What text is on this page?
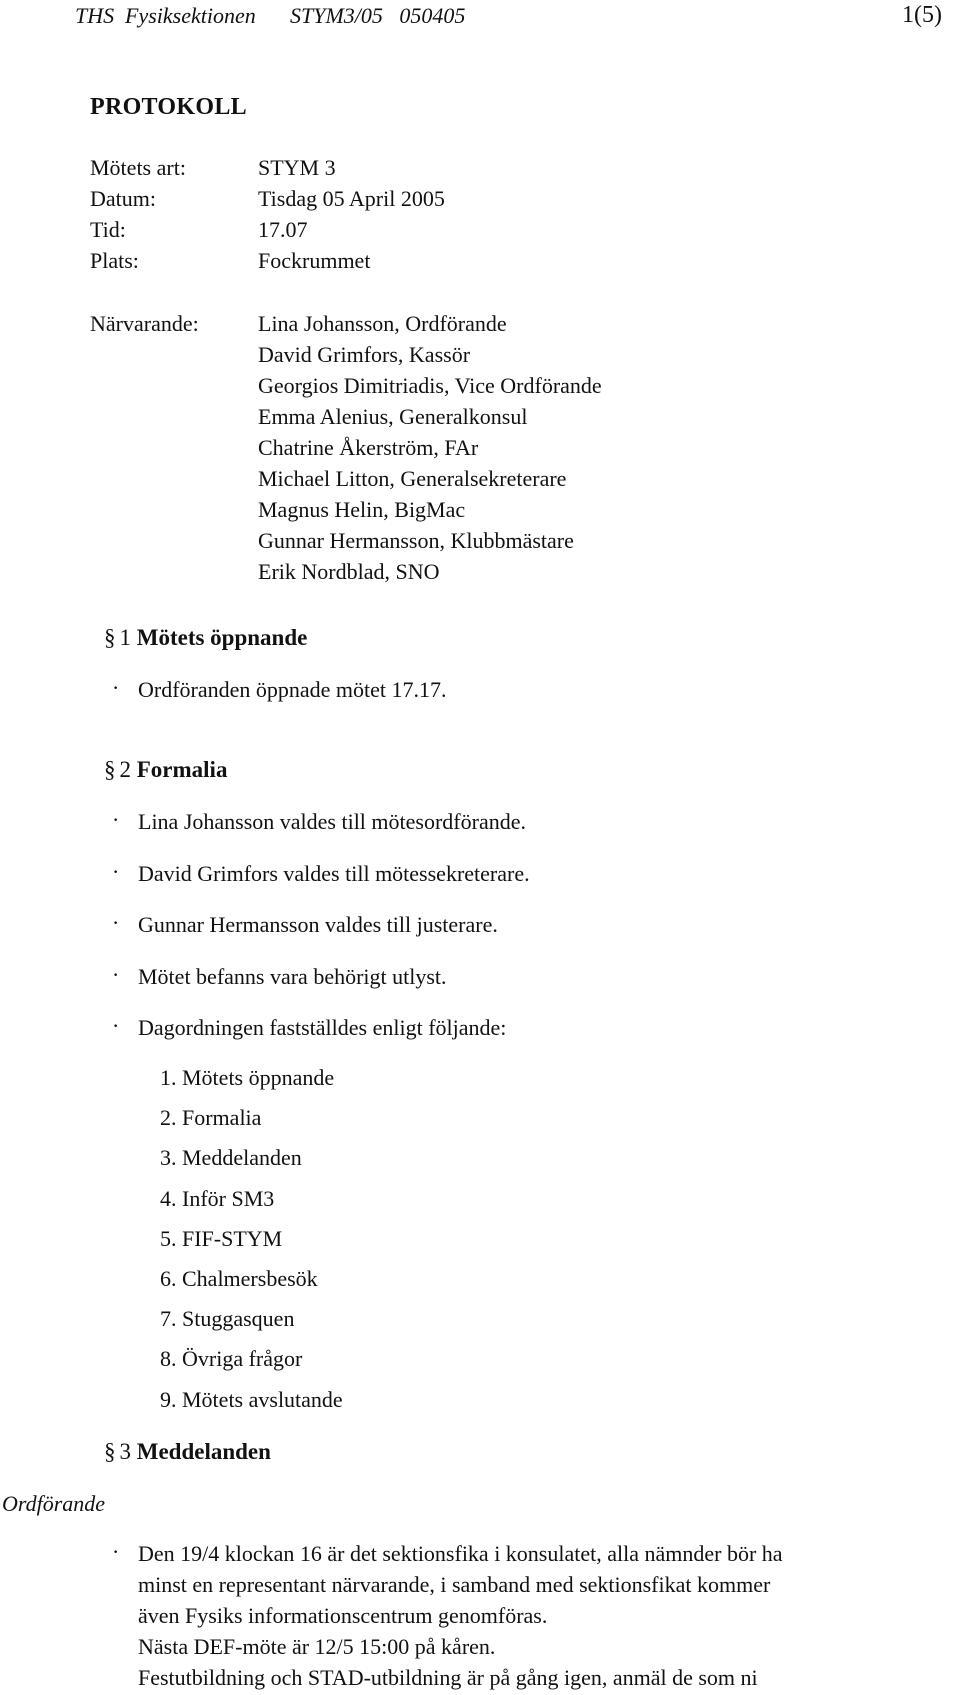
THS Fysiksektionen STYM3/05   050405	1(5)
PROTOKOLL
Mötets art:	STYM 3
Datum:	Tisdag 05 April 2005
Tid:	17.07
Plats:	Fockrummet
Närvarande:	Lina Johansson, Ordförande
David Grimfors, Kassör
Georgios Dimitriadis, Vice Ordförande
Emma Alenius, Generalkonsul
Chatrine Åkerström, FAr
Michael Litton, Generalsekreterare
Magnus Helin, BigMac
Gunnar Hermansson, Klubbmästare
Erik Nordblad, SNO
§ 1 Mötets öppnande
· Ordföranden öppnade mötet 17.17.
§ 2 Formalia
· Lina Johansson valdes till mötesordförande.
· David Grimfors valdes till mötessekreterare.
· Gunnar Hermansson valdes till justerare.
· Mötet befanns vara behörigt utlyst.
· Dagordningen fastställdes enligt följande:
1. Mötets öppnande
2. Formalia
3. Meddelanden
4. Inför SM3
5. FIF-STYM
6. Chalmersbesök
7. Stuggasquen
8. Övriga frågor
9. Mötets avslutande
§ 3 Meddelanden
Ordförande
· Den 19/4 klockan 16 är det sektionsfika i konsulatet, alla nämnder bör ha
minst en representant närvarande, i samband med sektionsfikat kommer
även Fysiks informationscentrum genomföras.
Nästa DEF-möte är 12/5 15:00 på kåren.
Festutbildning och STAD-utbildning är på gång igen, anmäl de som ni
